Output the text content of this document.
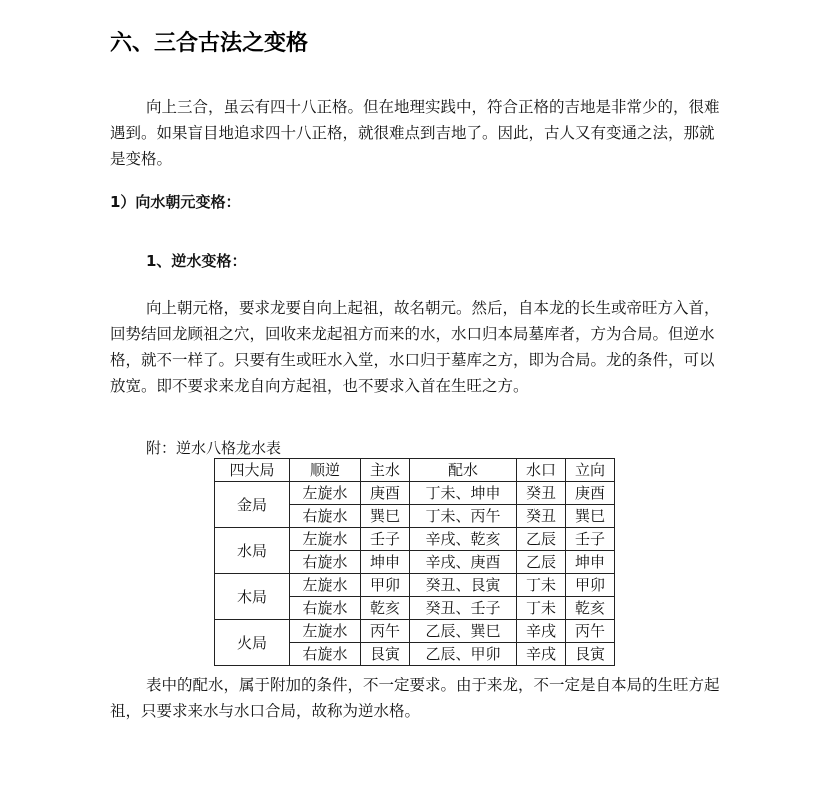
六、三合古法之变格

向上三合，虽云有四十八正格。但在地理实践中，符合正格的吉地是非常少的，很难遇到。如果盲目地追求四十八正格，就很难点到吉地了。因此，古人又有变通之法，那就是变格。

1）向水朝元变格：

1、逆水变格：

向上朝元格，要求龙要自向上起祖，故名朝元。然后，自本龙的长生或帝旺方入首，回势结回龙顾祖之穴，回收来龙起祖方而来的水，水口归本局墓库者，方为合局。但逆水格，就不一样了。只要有生或旺水入堂，水口归于墓库之方，即为合局。龙的条件，可以放宽。即不要求来龙自向方起祖，也不要求入首在生旺之方。

附：逆水八格龙水表

四大局	顺逆	主水	配水	水口	立向
金局	左旋水	庚酉	丁未、坤申	癸丑	庚酉
	右旋水	巽巳	丁未、丙午	癸丑	巽巳
水局	左旋水	壬子	辛戌、乾亥	乙辰	壬子
	右旋水	坤申	辛戌、庚酉	乙辰	坤申
木局	左旋水	甲卯	癸丑、艮寅	丁未	甲卯
	右旋水	乾亥	癸丑、壬子	丁未	乾亥
火局	左旋水	丙午	乙辰、巽巳	辛戌	丙午
	右旋水	艮寅	乙辰、甲卯	辛戌	艮寅

表中的配水，属于附加的条件，不一定要求。由于来龙，不一定是自本局的生旺方起祖，只要求来水与水口合局，故称为逆水格。
